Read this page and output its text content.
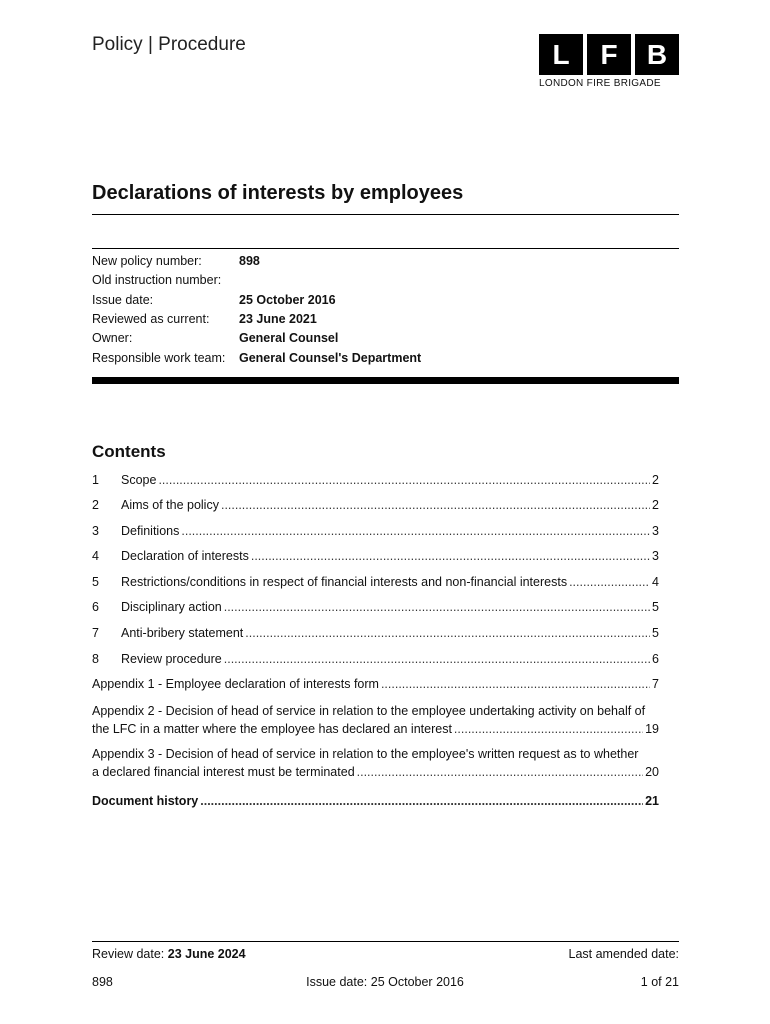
Policy | Procedure	L	F	B
LONDON FIRE BRIGADE
Declarations of interests by employees
New policy number:	898
Old instruction number:
Issue date:	25 October 2016
Reviewed as current:	23 June 2021
Owner:	General Counsel
Responsible work team:	General Counsel's Department
Contents
1	Scope .....	2
2	Aims of the policy .....	2
3	Definitions .....	3
4	Declaration of interests .....	3
5	Restrictions/conditions in respect of financial interests and non-financial interests .....	4
6	Disciplinary action .....	5
7	Anti-bribery statement .....	5
8	Review procedure .....	6
Appendix 1 - Employee declaration of interests form .....	7
Appendix 2 - Decision of head of service in relation to the employee undertaking activity on behalf of
the LFC in a matter where the employee has declared an interest .....	19
Appendix 3 - Decision of head of service in relation to the employee's written request as to whether
a declared financial interest must be terminated .....	20
Document history .....	21
Review date: 23 June 2024	Last amended date:
898	Issue date: 25 October 2016	1 of 21
